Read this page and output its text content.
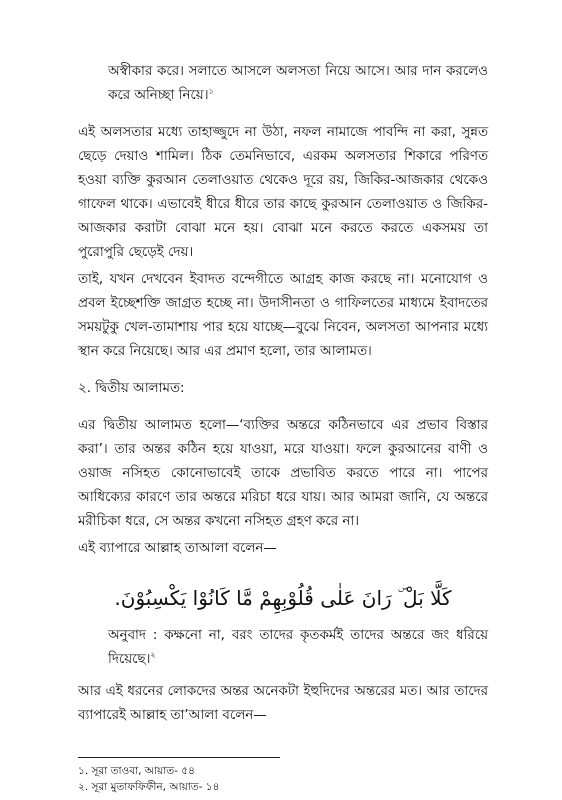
অস্বীকার করে। সলাতে আসলে অলসতা নিয়ে আসে। আর দান করলেও করে অনিচ্ছা নিয়ে।$^১$

এই অলসতার মধ্যে তাহাজ্জুদে না উঠা, নফল নামাজে পাবন্দি না করা, সুন্নত ছেড়ে দেয়াও শামিল। ঠিক তেমনিভাবে, এরকম অলসতার শিকারে পরিণত হওয়া ব্যক্তি কুরআন তেলাওয়াত থেকেও দূরে রয়, জিকির-আজকার থেকেও গাফেল থাকে। এভাবেই ধীরে ধীরে তার কাছে কুরআন তেলাওয়াত ও জিকির-আজকার করাটা বোঝা মনে হয়। বোঝা মনে করতে করতে একসময় তা পুরোপুরি ছেড়েই দেয়।

তাই, যখন দেখবেন ইবাদত বন্দেগীতে আগ্রহ কাজ করছে না। মনোযোগ ও প্রবল ইচ্ছেশক্তি জাগ্রত হচ্ছে না। উদাসীনতা ও গাফিলতের মাধ্যমে ইবাদতের সময়টুকু খেল-তামাশায় পার হয়ে যাচ্ছে—বুঝে নিবেন, অলসতা আপনার মধ্যে স্থান করে নিয়েছে। আর এর প্রমাণ হলো, তার আলামত।

২. দ্বিতীয় আলামত:

এর দ্বিতীয় আলামত হলো—‘ব্যক্তির অন্তরে কঠিনভাবে এর প্রভাব বিস্তার করা’। তার অন্তর কঠিন হয়ে যাওয়া, মরে যাওয়া। ফলে কুরআনের বাণী ও ওয়াজ নসিহত কোনোভাবেই তাকে প্রভাবিত করতে পারে না। পাপের আধিক্যের কারণে তার অন্তরে মরিচা ধরে যায়। আর আমরা জানি, যে অন্তরে মরীচিকা ধরে, সে অন্তর কখনো নসিহত গ্রহণ করে না।

এই ব্যাপারে আল্লাহ তাআলা বলেন—

كَلَّا بَلْ ۜ رَانَ عَلٰى قُلُوْبِهِمْ مَّا كَانُوْا يَكْسِبُوْنَ.

অনুবাদ : কক্ষনো না, বরং তাদের কৃতকর্মই তাদের অন্তরে জং ধরিয়ে দিয়েছে।$^২$

আর এই ধরনের লোকদের অন্তর অনেকটা ইহুদিদের অন্তরের মত। আর তাদের ব্যাপারেই আল্লাহ তা’আলা বলেন—

১. সূরা তাওবা, আয়াত- ৫৪

২. সূরা মুতাফফিফীন, আয়াত- ১৪
